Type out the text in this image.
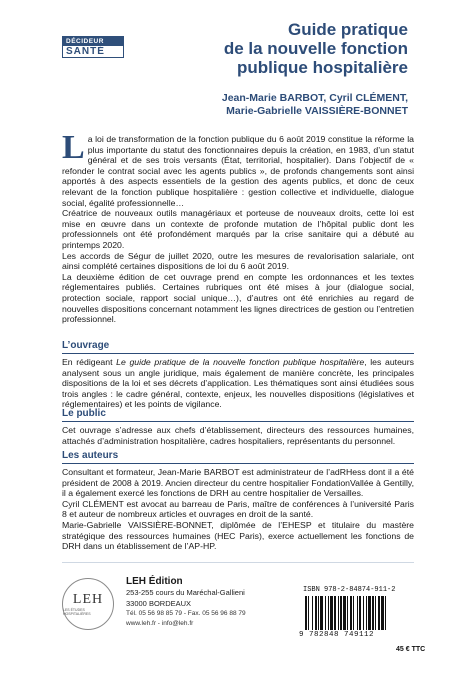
DÉCIDEUR
SANTÉ
Guide pratique
de la nouvelle fonction
publique hospitalière
Jean-Marie BARBOT, Cyril CLÉMENT,
Marie-Gabrielle VAISSIÈRE-BONNET

La loi de transformation de la fonction publique du 6 août 2019 constitue la réforme la plus importante du statut des fonctionnaires depuis la création, en 1983, d’un statut général et de ses trois versants (État, territorial, hospitalier). Dans l’objectif de « refonder le contrat social avec les agents publics », de profonds changements sont ainsi apportés à des aspects essentiels de la gestion des agents publics, et donc de ceux relevant de la fonction publique hospitalière : gestion collective et individuelle, dialogue social, égalité professionnelle…

Créatrice de nouveaux outils managériaux et porteuse de nouveaux droits, cette loi est mise en œuvre dans un contexte de profonde mutation de l’hôpital public dont les professionnels ont été profondément marqués par la crise sanitaire qui a débuté au printemps 2020.

Les accords de Ségur de juillet 2020, outre les mesures de revalorisation salariale, ont ainsi complété certaines dispositions de loi du 6 août 2019.

La deuxième édition de cet ouvrage prend en compte les ordonnances et les textes réglementaires publiés. Certaines rubriques ont été mises à jour (dialogue social, protection sociale, rapport social unique…), d’autres ont été enrichies au regard de nouvelles dispositions concernant notamment les lignes directrices de gestion ou l’entretien professionnel.

L’ouvrage

En rédigeant Le guide pratique de la nouvelle fonction publique hospitalière, les auteurs analysent sous un angle juridique, mais également de manière concrète, les principales dispositions de la loi et ses décrets d’application. Les thématiques sont ainsi étudiées sous trois angles : le cadre général, contexte, enjeux, les nouvelles dispositions (législatives et réglementaires) et les points de vigilance.

Le public

Cet ouvrage s’adresse aux chefs d’établissement, directeurs des ressources humaines, attachés d’administration hospitalière, cadres hospitaliers, représentants du personnel.

Les auteurs

Consultant et formateur, Jean-Marie BARBOT est administrateur de l’adRHess dont il a été président de 2008 à 2019. Ancien directeur du centre hospitalier FondationVallée à Gentilly, il a également exercé les fonctions de DRH au centre hospitalier de Versailles.

Cyril CLÉMENT est avocat au barreau de Paris, maître de conférences à l’université Paris 8 et auteur de nombreux articles et ouvrages en droit de la santé.

Marie-Gabrielle VAISSIÈRE-BONNET, diplômée de l’EHESP et titulaire du mastère stratégique des ressources humaines (HEC Paris), exerce actuellement les fonctions de DRH dans un établissement de l’AP-HP.

LEH
LES ÉTUDES HOSPITALIÈRES
LEH Édition
253-255 cours du Maréchal-Gallieni
33000 BORDEAUX
Tél. 05 56 98 85 79 - Fax. 05 56 96 88 79
www.leh.fr - info@leh.fr
ISBN 978-2-84874-911-2
9 782848 749112
45 € TTC
